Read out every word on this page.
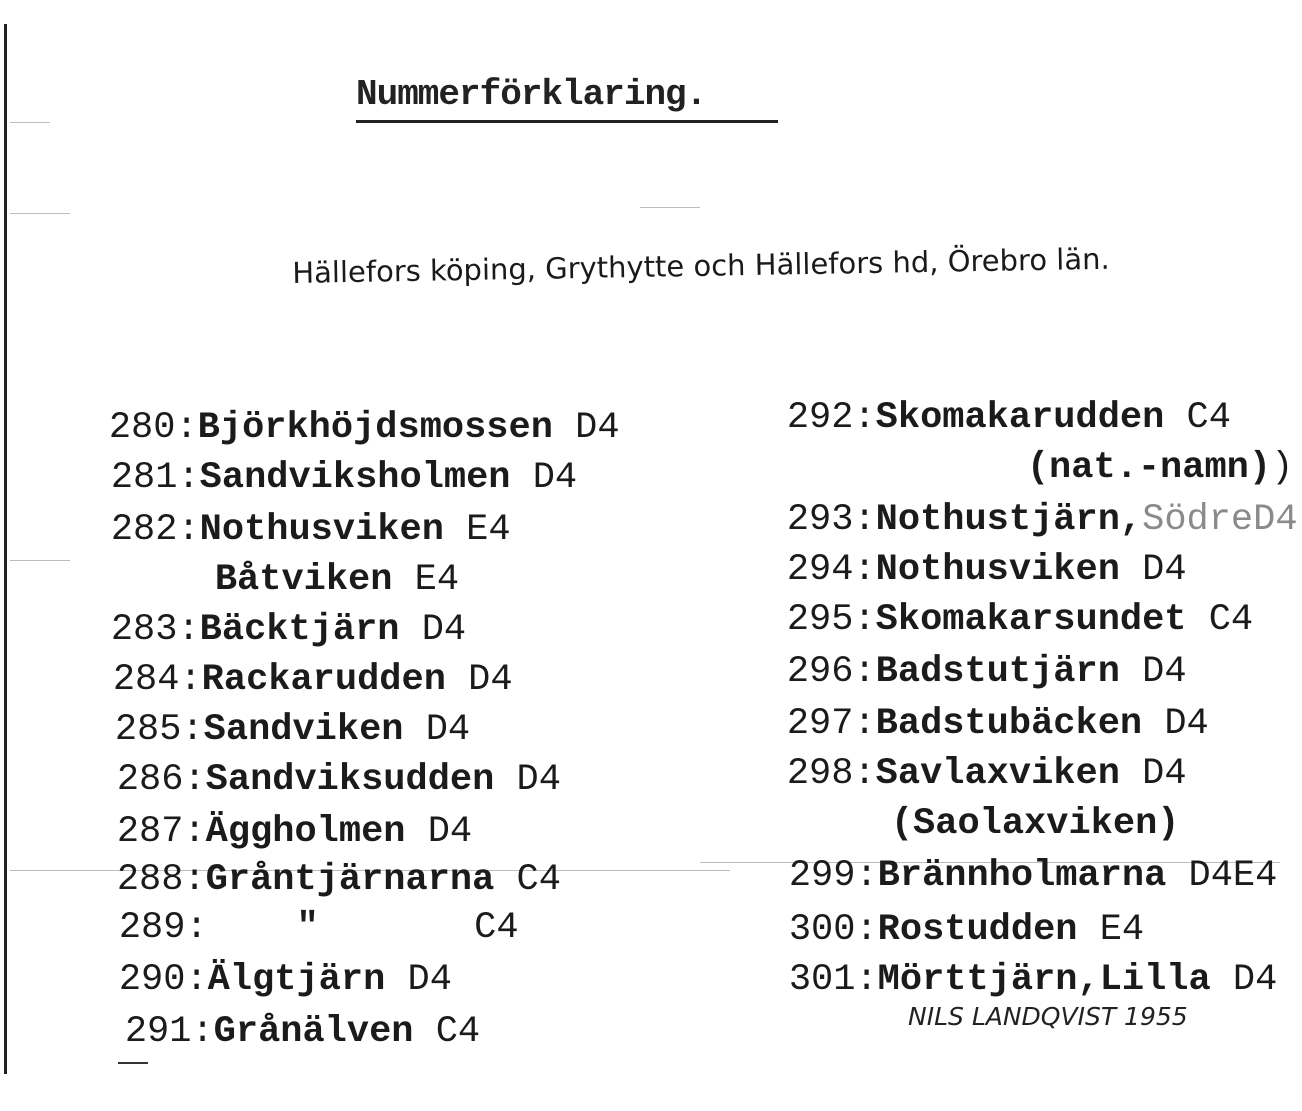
Nummerförklaring.
Hällefors köping, Grythytte och Hällefors hd, Örebro län.

280:Björkhöjdsmossen D4

281:Sandviksholmen D4

282:Nothusviken E4

Båtviken E4

283:Bäcktjärn D4

284:Rackarudden D4

285:Sandviken D4

286:Sandviksudden D4

287:Äggholmen D4

288:Gråntjärnarna C4

289:    "       C4

290:Älgtjärn D4

291:Grånälven C4

292:Skomakarudden C4

(nat.-namn))

293:Nothustjärn,SödreD4

294:Nothusviken D4

295:Skomakarsundet C4

296:Badstutjärn D4

297:Badstubäcken D4

298:Savlaxviken D4

(Saolaxviken)

299:Brännholmarna D4E4

300:Rostudden E4

301:Mörttjärn,Lilla D4

NILS LANDQVIST 1955
